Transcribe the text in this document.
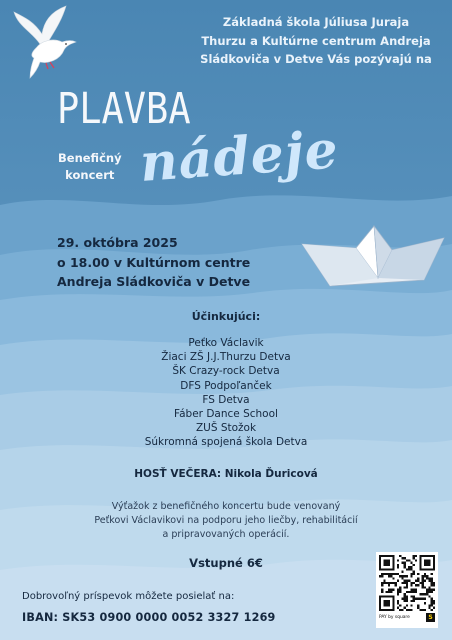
Základná škola Júliusa Juraja
Thurzu a Kultúrne centrum Andreja
Sládkoviča v Detve Vás pozývajú na
PLAVBA
Benefičný
koncert nádeje
29. októbra 2025
o 18.00 v Kultúrnom centre
Andreja Sládkoviča v Detve
Účinkujúci:
Peťko Václavik
Žiaci ZŠ J.J.Thurzu Detva
ŠK Crazy-rock Detva
DFS Podpoľanček
FS Detva
Fáber Dance School
ZUŠ Stožok
Súkromná spojená škola Detva
HOSŤ VEČERA: Nikola Ďuricová
Výťažok z benefičného koncertu bude venovaný
Peťkovi Václavikovi na podporu jeho liečby, rehabilitácií
a pripravovaných operácií.
Vstupné 6€
Dobrovoľný príspevok môžete posielať na:
IBAN: SK53 0900 0000 0052 3327 1269	PAY by square	S
